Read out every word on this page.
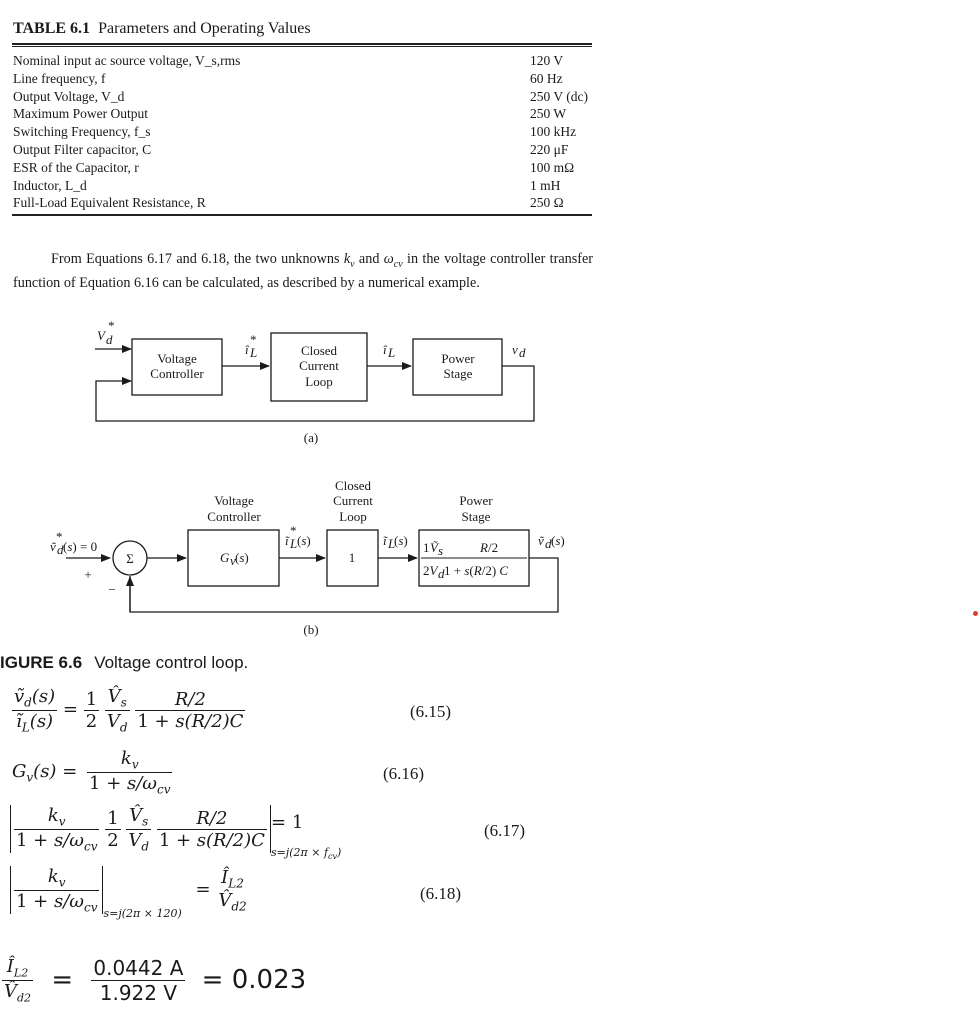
TABLE 6.1 Parameters and Operating Values
Nominal input ac source voltage, V_s,rms	120 V
Line frequency, f	60 Hz
Output Voltage, V_d	250 V (dc)
Maximum Power Output	250 W
Switching Frequency, f_s	100 kHz
Output Filter capacitor, C	220 μF
ESR of the Capacitor, r	100 mΩ
Inductor, L_d	1 mH
Full-Load Equivalent Resistance, R	250 Ω
From Equations 6.17 and 6.18, the two unknowns $k_v$ and $\omega_{cv}$ in the voltage controller transfer function of Equation 6.16 can be calculated, as described by a numerical example.
V d
*
Voltage
Controller
î L
*
Closed
Current
Loop
î L	Power
Stage
v d
(a)
Voltage
Controller
Closed
Current
Loop
Power
Stage
ṽ d
*
(s) = 0
+
Σ
−
G v (s)
ĩ L
*
(s)
1
ĩ L
(s) 1 Ṽ s	R /2
2V d 1 + s(R/2) C
ṽ d (s)
(b)
IGURE 6.6 Voltage control loop.
$\frac{ṽ_d(s)}{ĩ_L(s)} = \frac{1}{2}$
$\frac{V̂_s}{V_d}$
$\frac{R/2}{1 + s(R/2)C}$	(6.15)
$G_v(s) = \frac{k_v}{1 + s/\omega_{cv}}$	(6.16)
$\frac{k_v}{1 + s/\omega_{cv}}$
$\frac{1}{2}$
$\frac{V̂_s}{V_d}$
$\frac{R/2}{1 + s(R/2)C}$
$_{s=j(2\pi \times f_{cv})}$ = 1	(6.17)
$\frac{k_v}{1 + s/\omega_{cv}} _{s=j(2\pi \times 120)}$ =
$Î_{L2}$
$V̂_{d2}$
(6.18)
$\frac{Î_{L2}}{V̂_{d2}} = \frac{0.0442 A}{1.922 V} = 0.023$
